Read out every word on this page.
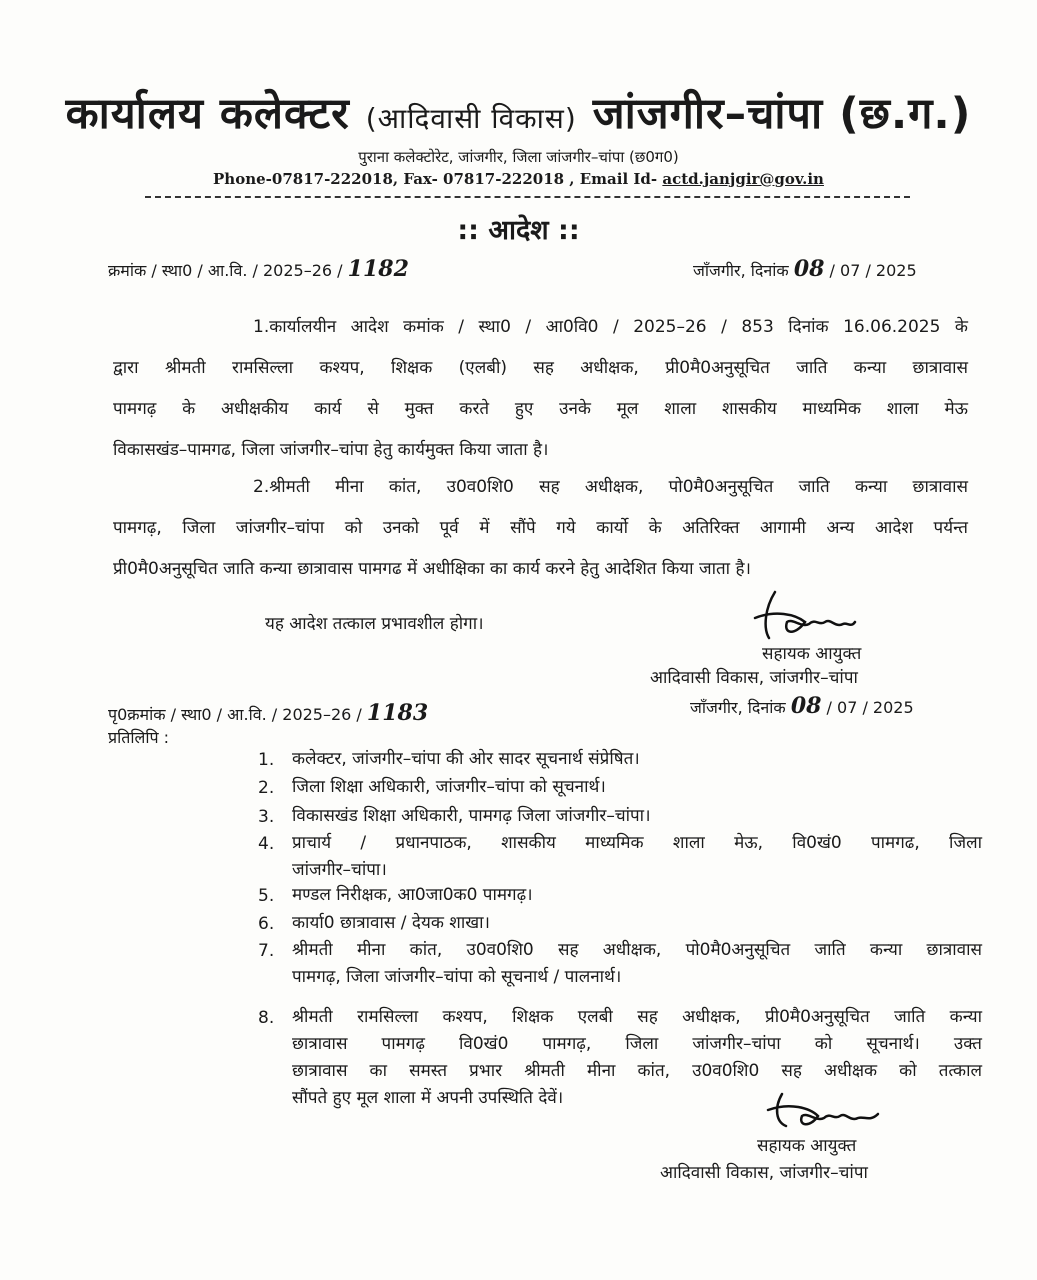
कार्यालय कलेक्टर (आदिवासी विकास) जांजगीर–चांपा (छ.ग.)
पुराना कलेक्टोरेट, जांजगीर, जिला जांजगीर–चांपा (छ0ग0)
Phone-07817-222018, Fax- 07817-222018 , Email Id- actd.janjgir@gov.in
:: आदेश ::
क्रमांक / स्था0 / आ.वि. / 2025–26 / 1182	जाँजगीर, दिनांक 08 / 07 / 2025
1.कार्यालयीन आदेश कमांक / स्था0 / आ0वि0 / 2025–26 / 853 दिनांक 16.06.2025 के
द्वारा श्रीमती रामसिल्ला कश्यप, शिक्षक (एलबी) सह अधीक्षक, प्री0मै0अनुसूचित जाति कन्या छात्रावास
पामगढ़ के अधीक्षकीय कार्य से मुक्त करते हुए उनके मूल शाला शासकीय माध्यमिक शाला मेऊ
विकासखंड–पामगढ, जिला जांजगीर–चांपा हेतु कार्यमुक्त किया जाता है।
2.श्रीमती मीना कांत, उ0व0शि0 सह अधीक्षक, पो0मै0अनुसूचित जाति कन्या छात्रावास
पामगढ़, जिला जांजगीर–चांपा को उनको पूर्व में सौंपे गये कार्यो के अतिरिक्त आगामी अन्य आदेश पर्यन्त
प्री0मै0अनुसूचित जाति कन्या छात्रावास पामगढ में अधीक्षिका का कार्य करने हेतु आदेशित किया जाता है।
यह आदेश तत्काल प्रभावशील होगा।
सहायक आयुक्त
आदिवासी विकास, जांजगीर–चांपा
पृ0क्रमांक / स्था0 / आ.वि. / 2025–26 / 1183	जाँजगीर, दिनांक 08 / 07 / 2025
प्रतिलिपि :
1. कलेक्टर, जांजगीर–चांपा की ओर सादर सूचनार्थ संप्रेषित।
2. जिला शिक्षा अधिकारी, जांजगीर–चांपा को सूचनार्थ।
3. विकासखंड शिक्षा अधिकारी, पामगढ़ जिला जांजगीर–चांपा।
4. प्राचार्य / प्रधानपाठक, शासकीय माध्यमिक शाला मेऊ, वि0खं0 पामगढ, जिला
जांजगीर–चांपा।
5. मण्डल निरीक्षक, आ0जा0क0 पामगढ़।
6. कार्या0 छात्रावास / देयक शाखा।
7. श्रीमती मीना कांत, उ0व0शि0 सह अधीक्षक, पो0मै0अनुसूचित जाति कन्या छात्रावास
पामगढ़, जिला जांजगीर–चांपा को सूचनार्थ / पालनार्थ।
8. श्रीमती रामसिल्ला कश्यप, शिक्षक एलबी सह अधीक्षक, प्री0मै0अनुसूचित जाति कन्या
छात्रावास पामगढ़ वि0खं0 पामगढ़, जिला जांजगीर–चांपा को सूचनार्थ। उक्त
छात्रावास का समस्त प्रभार श्रीमती मीना कांत, उ0व0शि0 सह अधीक्षक को तत्काल
सौंपते हुए मूल शाला में अपनी उपस्थिति देवें।
सहायक आयुक्त
आदिवासी विकास, जांजगीर–चांपा
